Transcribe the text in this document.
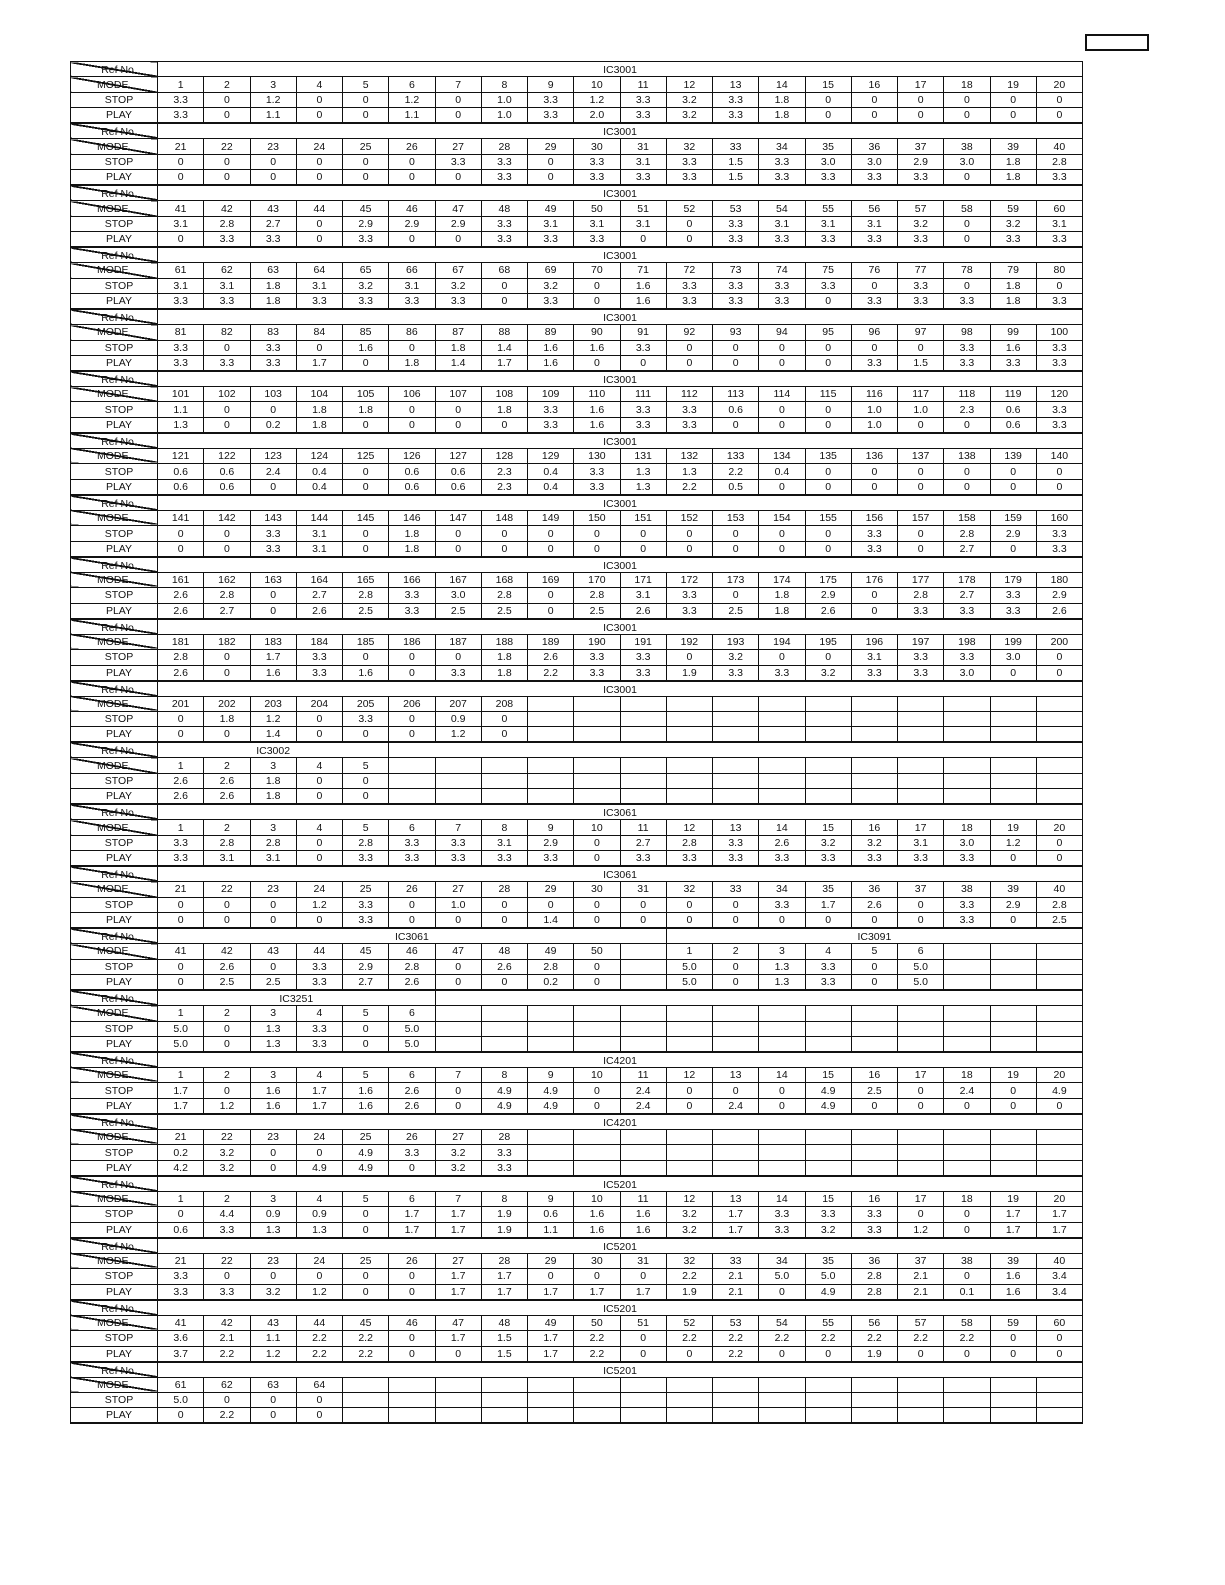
Ref No.	IC3001																			
MODE	1	2	3	4	5	6	7	8	9	10	11	12	13	14	15	16	17	18	19	20
STOP	3.3	0	1.2	0	0	1.2	0	1.0	3.3	1.2	3.3	3.2	3.3	1.8	0	0	0	0	0	0
PLAY	3.3	0	1.1	0	0	1.1	0	1.0	3.3	2.0	3.3	3.2	3.3	1.8	0	0	0	0	0	0
Ref No.	IC3001																			
MODE	21	22	23	24	25	26	27	28	29	30	31	32	33	34	35	36	37	38	39	40
STOP	0	0	0	0	0	0	3.3	3.3	0	3.3	3.1	3.3	1.5	3.3	3.0	3.0	2.9	3.0	1.8	2.8
PLAY	0	0	0	0	0	0	0	3.3	0	3.3	3.3	3.3	1.5	3.3	3.3	3.3	3.3	0	1.8	3.3
Ref No.	IC3001																			
MODE	41	42	43	44	45	46	47	48	49	50	51	52	53	54	55	56	57	58	59	60
STOP	3.1	2.8	2.7	0	2.9	2.9	2.9	3.3	3.1	3.1	3.1	0	3.3	3.1	3.1	3.1	3.2	0	3.2	3.1
PLAY	0	3.3	3.3	0	3.3	0	0	3.3	3.3	3.3	0	0	3.3	3.3	3.3	3.3	3.3	0	3.3	3.3
Ref No.	IC3001																			
MODE	61	62	63	64	65	66	67	68	69	70	71	72	73	74	75	76	77	78	79	80
STOP	3.1	3.1	1.8	3.1	3.2	3.1	3.2	0	3.2	0	1.6	3.3	3.3	3.3	3.3	0	3.3	0	1.8	0
PLAY	3.3	3.3	1.8	3.3	3.3	3.3	3.3	0	3.3	0	1.6	3.3	3.3	3.3	0	3.3	3.3	3.3	1.8	3.3
Ref No.	IC3001																			
MODE	81	82	83	84	85	86	87	88	89	90	91	92	93	94	95	96	97	98	99	100
STOP	3.3	0	3.3	0	1.6	0	1.8	1.4	1.6	1.6	3.3	0	0	0	0	0	0	3.3	1.6	3.3
PLAY	3.3	3.3	3.3	1.7	0	1.8	1.4	1.7	1.6	0	0	0	0	0	0	3.3	1.5	3.3	3.3	3.3
Ref No.	IC3001																			
MODE	101	102	103	104	105	106	107	108	109	110	111	112	113	114	115	116	117	118	119	120
STOP	1.1	0	0	1.8	1.8	0	0	1.8	3.3	1.6	3.3	3.3	0.6	0	0	1.0	1.0	2.3	0.6	3.3
PLAY	1.3	0	0.2	1.8	0	0	0	0	3.3	1.6	3.3	3.3	0	0	0	1.0	0	0	0.6	3.3
Ref No.	IC3001																			
MODE	121	122	123	124	125	126	127	128	129	130	131	132	133	134	135	136	137	138	139	140
STOP	0.6	0.6	2.4	0.4	0	0.6	0.6	2.3	0.4	3.3	1.3	1.3	2.2	0.4	0	0	0	0	0	0
PLAY	0.6	0.6	0	0.4	0	0.6	0.6	2.3	0.4	3.3	1.3	2.2	0.5	0	0	0	0	0	0	0
Ref No.	IC3001																			
MODE	141	142	143	144	145	146	147	148	149	150	151	152	153	154	155	156	157	158	159	160
STOP	0	0	3.3	3.1	0	1.8	0	0	0	0	0	0	0	0	0	3.3	0	2.8	2.9	3.3
PLAY	0	0	3.3	3.1	0	1.8	0	0	0	0	0	0	0	0	0	3.3	0	2.7	0	3.3
Ref No.	IC3001																			
MODE	161	162	163	164	165	166	167	168	169	170	171	172	173	174	175	176	177	178	179	180
STOP	2.6	2.8	0	2.7	2.8	3.3	3.0	2.8	0	2.8	3.1	3.3	0	1.8	2.9	0	2.8	2.7	3.3	2.9
PLAY	2.6	2.7	0	2.6	2.5	3.3	2.5	2.5	0	2.5	2.6	3.3	2.5	1.8	2.6	0	3.3	3.3	3.3	2.6
Ref No.	IC3001																			
MODE	181	182	183	184	185	186	187	188	189	190	191	192	193	194	195	196	197	198	199	200
STOP	2.8	0	1.7	3.3	0	0	0	1.8	2.6	3.3	3.3	0	3.2	0	0	3.1	3.3	3.3	3.0	0
PLAY	2.6	0	1.6	3.3	1.6	0	3.3	1.8	2.2	3.3	3.3	1.9	3.3	3.3	3.2	3.3	3.3	3.0	0	0
Ref No.	IC3001																			
MODE	201	202	203	204	205	206	207	208												
STOP	0	1.8	1.2	0	3.3	0	0.9	0												
PLAY	0	0	1.4	0	0	0	1.2	0												
Ref No.	IC3002																			
MODE	1	2	3	4	5															
STOP	2.6	2.6	1.8	0	0															
PLAY	2.6	2.6	1.8	0	0															
Ref No.	IC3061																			
MODE	1	2	3	4	5	6	7	8	9	10	11	12	13	14	15	16	17	18	19	20
STOP	3.3	2.8	2.8	0	2.8	3.3	3.3	3.1	2.9	0	2.7	2.8	3.3	2.6	3.2	3.2	3.1	3.0	1.2	0
PLAY	3.3	3.1	3.1	0	3.3	3.3	3.3	3.3	3.3	0	3.3	3.3	3.3	3.3	3.3	3.3	3.3	3.3	0	0
Ref No.	IC3061																			
MODE	21	22	23	24	25	26	27	28	29	30	31	32	33	34	35	36	37	38	39	40
STOP	0	0	0	1.2	3.3	0	1.0	0	0	0	0	0	0	3.3	1.7	2.6	0	3.3	2.9	2.8
PLAY	0	0	0	0	3.3	0	0	0	1.4	0	0	0	0	0	0	0	0	3.3	0	2.5
Ref No.	IC3061											IC3091								
MODE	41	42	43	44	45	46	47	48	49	50		1	2	3	4	5	6			
STOP	0	2.6	0	3.3	2.9	2.8	0	2.6	2.8	0		5.0	0	1.3	3.3	0	5.0			
PLAY	0	2.5	2.5	3.3	2.7	2.6	0	0	0.2	0		5.0	0	1.3	3.3	0	5.0			
Ref No.	IC3251																			
MODE	1	2	3	4	5	6														
STOP	5.0	0	1.3	3.3	0	5.0														
PLAY	5.0	0	1.3	3.3	0	5.0														
Ref No.	IC4201																			
MODE	1	2	3	4	5	6	7	8	9	10	11	12	13	14	15	16	17	18	19	20
STOP	1.7	0	1.6	1.7	1.6	2.6	0	4.9	4.9	0	2.4	0	0	0	4.9	2.5	0	2.4	0	4.9
PLAY	1.7	1.2	1.6	1.7	1.6	2.6	0	4.9	4.9	0	2.4	0	2.4	0	4.9	0	0	0	0	0
Ref No.	IC4201																			
MODE	21	22	23	24	25	26	27	28												
STOP	0.2	3.2	0	0	4.9	3.3	3.2	3.3												
PLAY	4.2	3.2	0	4.9	4.9	0	3.2	3.3												
Ref No.	IC5201																			
MODE	1	2	3	4	5	6	7	8	9	10	11	12	13	14	15	16	17	18	19	20
STOP	0	4.4	0.9	0.9	0	1.7	1.7	1.9	0.6	1.6	1.6	3.2	1.7	3.3	3.3	3.3	0	0	1.7	1.7
PLAY	0.6	3.3	1.3	1.3	0	1.7	1.7	1.9	1.1	1.6	1.6	3.2	1.7	3.3	3.2	3.3	1.2	0	1.7	1.7
Ref No.	IC5201																			
MODE	21	22	23	24	25	26	27	28	29	30	31	32	33	34	35	36	37	38	39	40
STOP	3.3	0	0	0	0	0	1.7	1.7	0	0	0	2.2	2.1	5.0	5.0	2.8	2.1	0	1.6	3.4
PLAY	3.3	3.3	3.2	1.2	0	0	1.7	1.7	1.7	1.7	1.7	1.9	2.1	0	4.9	2.8	2.1	0.1	1.6	3.4
Ref No.	IC5201																			
MODE	41	42	43	44	45	46	47	48	49	50	51	52	53	54	55	56	57	58	59	60
STOP	3.6	2.1	1.1	2.2	2.2	0	1.7	1.5	1.7	2.2	0	2.2	2.2	2.2	2.2	2.2	2.2	2.2	0	0
PLAY	3.7	2.2	1.2	2.2	2.2	0	0	1.5	1.7	2.2	0	0	2.2	0	0	1.9	0	0	0	0
Ref No.	IC5201																			
MODE	61	62	63	64																
STOP	5.0	0	0	0																
PLAY	0	2.2	0	0																
